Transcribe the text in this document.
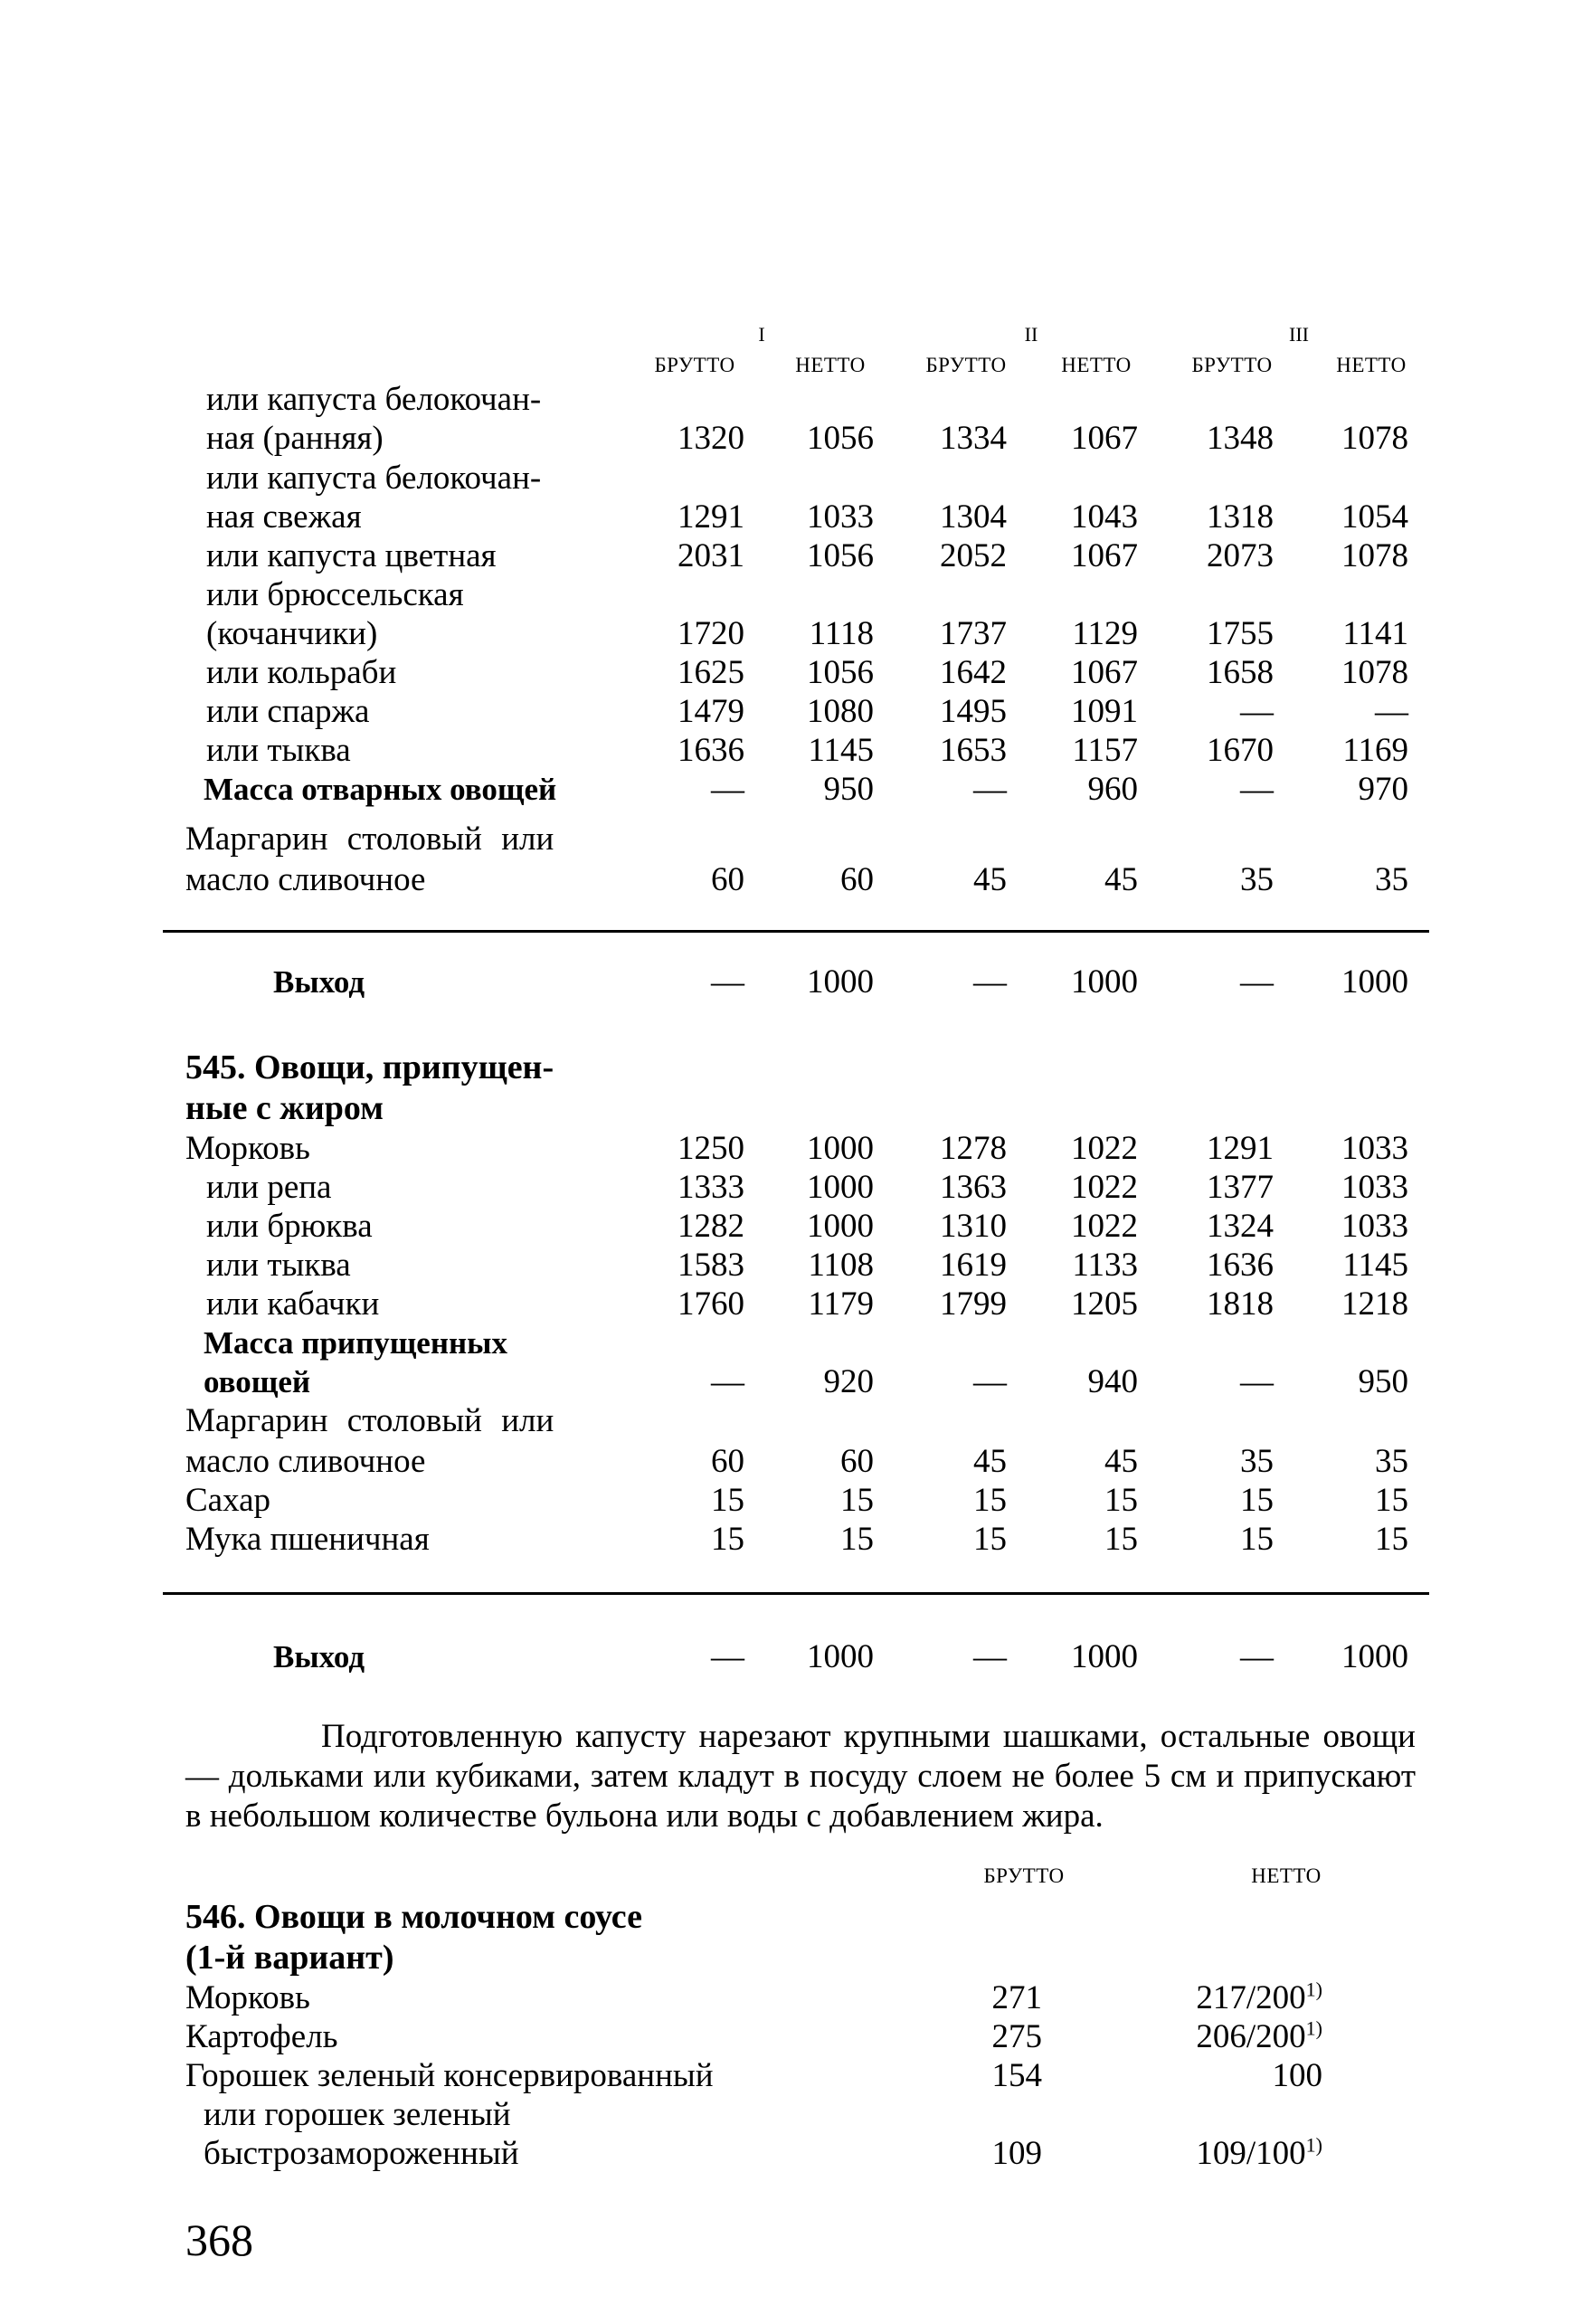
I	II	III
БРУТТО	НЕТТО	БРУТТО	НЕТТО	БРУТТО	НЕТТО
или капуста белокочан-
ная (ранняя)	1320	1056	1334	1067	1348	1078
или капуста белокочан-
ная свежая	1291	1033	1304	1043	1318	1054
или капуста цветная	2031	1056	2052	1067	2073	1078
или брюссельская
(кочанчики)	1720	1118	1737	1129	1755	1141
или кольраби	1625	1056	1642	1067	1658	1078
или спаржа	1479	1080	1495	1091	—	—
или тыква	1636	1145	1653	1157	1670	1169
Масса отварных овощей	—	950	—	960	—	970
Маргарин столовый или
масло сливочное	60	60	45	45	35	35
Выход	—	1000	—	1000	—	1000
545. Овощи, припущен-
ные с жиром
Морковь	1250	1000	1278	1022	1291	1033
или репа	1333	1000	1363	1022	1377	1033
или брюква	1282	1000	1310	1022	1324	1033
или тыква	1583	1108	1619	1133	1636	1145
или кабачки	1760	1179	1799	1205	1818	1218
Масса припущенных
овощей	—	920	—	940	—	950
Маргарин столовый или
масло сливочное	60	60	45	45	35	35
Сахар	15	15	15	15	15	15
Мука пшеничная	15	15	15	15	15	15
Выход	—	1000	—	1000	—	1000
Подготовленную капусту нарезают крупными шашками, остальные овощи — дольками или кубиками, затем кладут в посуду слоем не более 5 см и припускают в небольшом количестве бульона или воды с добавлением жира.
БРУТТО	НЕТТО
546. Овощи в молочном соусе
(1-й вариант)
Морковь	271	217/200$^{1)}$
Картофель	275	206/200$^{1)}$
Горошек зеленый консервированный	154	100
или горошек зеленый
быстрозамороженный	109	109/100$^{1)}$
368
